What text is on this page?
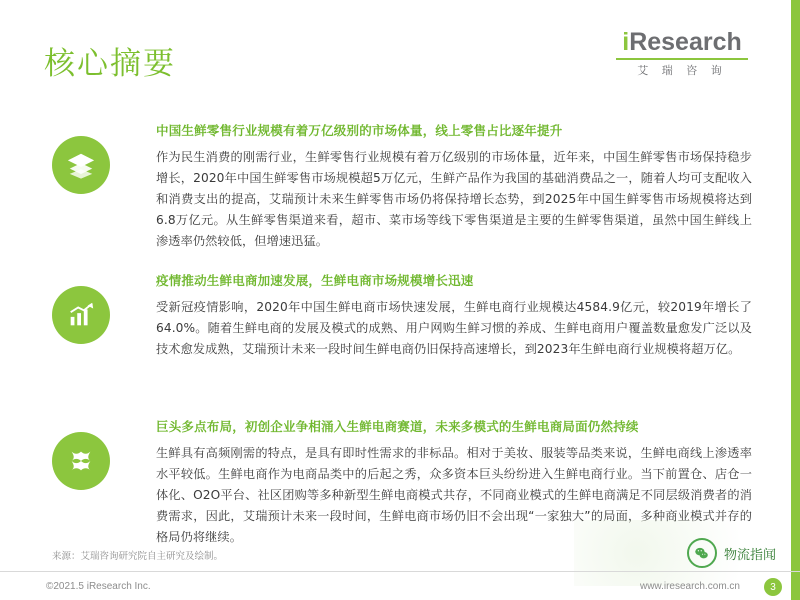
核心摘要
iResearch
艾 瑞 咨 询
中国生鲜零售行业规模有着万亿级别的市场体量，线上零售占比逐年提升
作为民生消费的刚需行业，生鲜零售行业规模有着万亿级别的市场体量，近年来，中国生鲜零售市场保持稳步增长，2020年中国生鲜零售市场规模超5万亿元，生鲜产品作为我国的基础消费品之一，随着人均可支配收入和消费支出的提高，艾瑞预计未来生鲜零售市场仍将保持增长态势，到2025年中国生鲜零售市场规模将达到6.8万亿元。从生鲜零售渠道来看，超市、菜市场等线下零售渠道是主要的生鲜零售渠道，虽然中国生鲜线上渗透率仍然较低，但增速迅猛。
疫情推动生鲜电商加速发展，生鲜电商市场规模增长迅速
受新冠疫情影响，2020年中国生鲜电商市场快速发展，生鲜电商行业规模达4584.9亿元，较2019年增长了64.0%。随着生鲜电商的发展及模式的成熟、用户网购生鲜习惯的养成、生鲜电商用户覆盖数量愈发广泛以及技术愈发成熟，艾瑞预计未来一段时间生鲜电商仍旧保持高速增长，到2023年生鲜电商行业规模将超万亿。
巨头多点布局，初创企业争相涌入生鲜电商赛道，未来多模式的生鲜电商局面仍然持续
生鲜具有高频刚需的特点，是具有即时性需求的非标品。相对于美妆、服装等品类来说，生鲜电商线上渗透率水平较低。生鲜电商作为电商品类中的后起之秀，众多资本巨头纷纷进入生鲜电商行业。当下前置仓、店仓一体化、O2O平台、社区团购等多种新型生鲜电商模式共存，不同商业模式的生鲜电商满足不同层级消费者的消费需求，因此，艾瑞预计未来一段时间，生鲜电商市场仍旧不会出现“一家独大”的局面，多种商业模式并存的格局仍将继续。
来源：艾瑞咨询研究院自主研究及绘制。	物流指闻
©2021.5 iResearch Inc.	www.iresearch.com.cn	3
